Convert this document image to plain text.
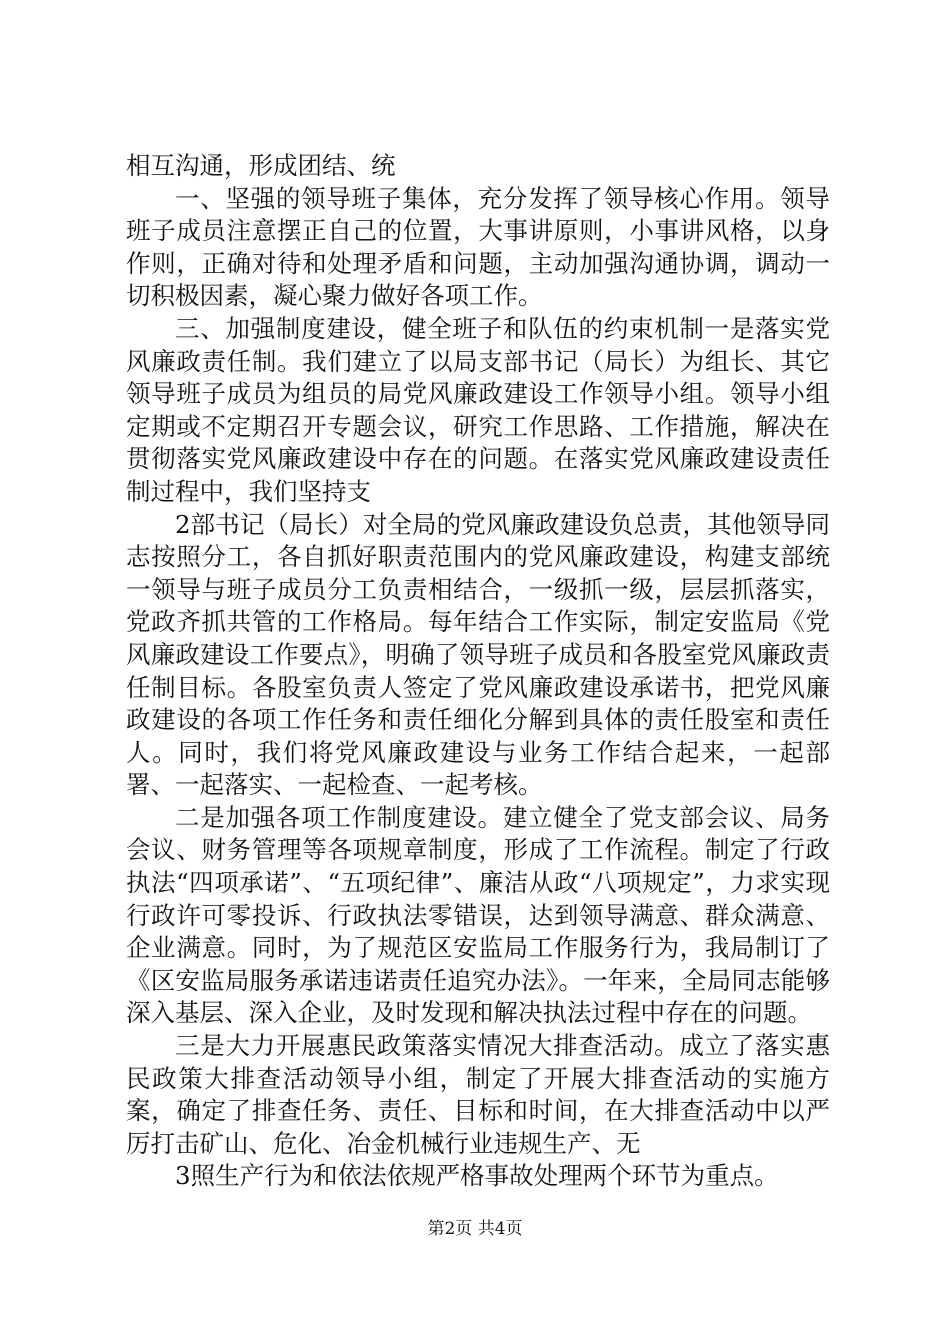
相互沟通，形成团结、统

一、坚强的领导班子集体，充分发挥了领导核心作用。领导班子成员注意摆正自己的位置，大事讲原则，小事讲风格，以身作则，正确对待和处理矛盾和问题，主动加强沟通协调，调动一切积极因素，凝心聚力做好各项工作。

三、加强制度建设，健全班子和队伍的约束机制一是落实党风廉政责任制。我们建立了以局支部书记（局长）为组长、其它领导班子成员为组员的局党风廉政建设工作领导小组。领导小组定期或不定期召开专题会议，研究工作思路、工作措施，解决在贯彻落实党风廉政建设中存在的问题。在落实党风廉政建设责任制过程中，我们坚持支

2部书记（局长）对全局的党风廉政建设负总责，其他领导同志按照分工，各自抓好职责范围内的党风廉政建设，构建支部统一领导与班子成员分工负责相结合，一级抓一级，层层抓落实，党政齐抓共管的工作格局。每年结合工作实际，制定安监局《党风廉政建设工作要点》，明确了领导班子成员和各股室党风廉政责任制目标。各股室负责人签定了党风廉政建设承诺书，把党风廉政建设的各项工作任务和责任细化分解到具体的责任股室和责任人。同时，我们将党风廉政建设与业务工作结合起来，一起部署、一起落实、一起检查、一起考核。

二是加强各项工作制度建设。建立健全了党支部会议、局务会议、财务管理等各项规章制度，形成了工作流程。制定了行政执法“四项承诺”、“五项纪律”、廉洁从政“八项规定”，力求实现行政许可零投诉、行政执法零错误，达到领导满意、群众满意、企业满意。同时，为了规范区安监局工作服务行为，我局制订了《区安监局服务承诺违诺责任追究办法》。一年来，全局同志能够深入基层、深入企业，及时发现和解决执法过程中存在的问题。

三是大力开展惠民政策落实情况大排查活动。成立了落实惠民政策大排查活动领导小组，制定了开展大排查活动的实施方案，确定了排查任务、责任、目标和时间，在大排查活动中以严厉打击矿山、危化、冶金机械行业违规生产、无

3照生产行为和依法依规严格事故处理两个环节为重点。

第2页 共4页
